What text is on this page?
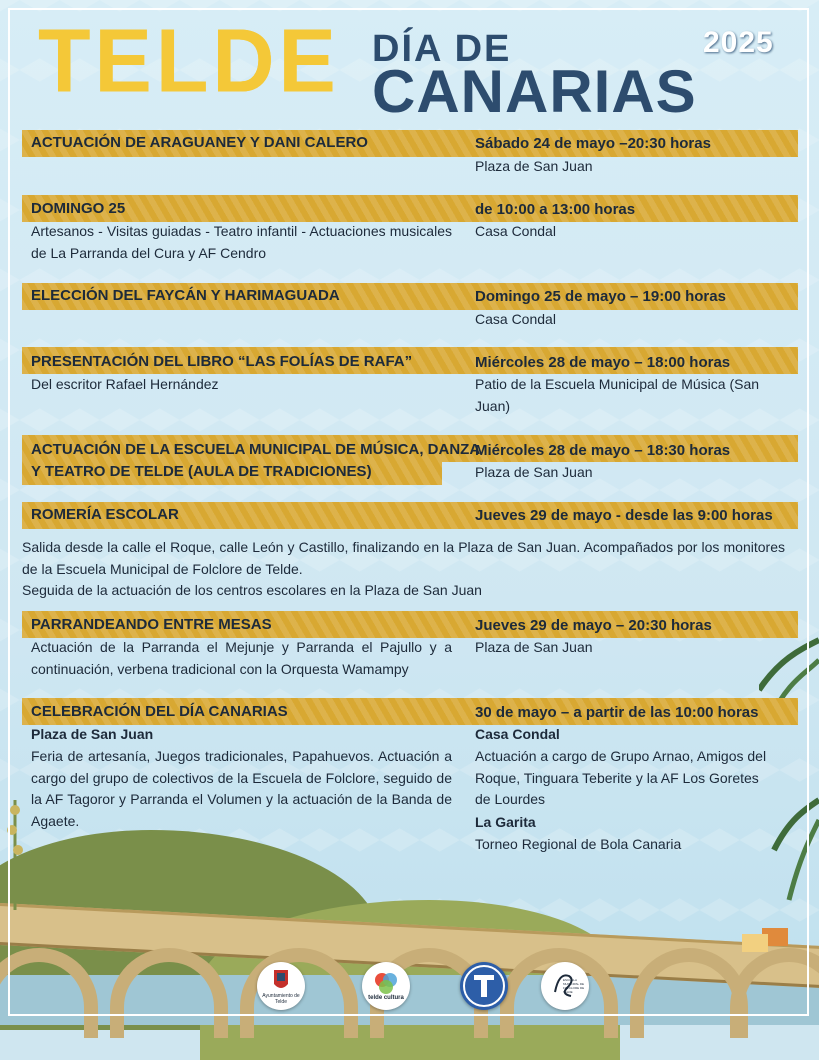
TELDE DÍA DE
CANARIAS
2025
ACTUACIÓN DE ARAGUANEY Y DANI CALERO	Sábado 24 de mayo –20:30 horas
Plaza de San Juan
DOMINGO 25	de 10:00 a 13:00 horas
Artesanos - Visitas guiadas - Teatro infantil - Actuaciones musicales de La Parranda del Cura y AF Cendro
Casa Condal
ELECCIÓN DEL FAYCÁN Y HARIMAGUADA	Domingo 25 de mayo – 19:00 horas
Casa Condal
PRESENTACIÓN DEL LIBRO “LAS FOLÍAS DE RAFA”	Miércoles 28 de mayo – 18:00 horas
Del escritor Rafael Hernández	Patio de la Escuela Municipal de Música (San Juan)
ACTUACIÓN DE LA ESCUELA MUNICIPAL DE MÚSICA, DANZA
Y TEATRO DE TELDE (AULA DE TRADICIONES)
Miércoles 28 de mayo – 18:30 horas
Plaza de San Juan
ROMERÍA ESCOLAR	Jueves 29 de mayo - desde las 9:00 horas
Salida desde la calle el Roque, calle León y Castillo, finalizando en la Plaza de San Juan. Acompañados por los monitores de la Escuela Municipal de Folclore de Telde.
Seguida de la actuación de los centros escolares en la Plaza de San Juan
PARRANDEANDO ENTRE MESAS	Jueves 29 de mayo – 20:30 horas
Actuación de la Parranda el Mejunje y Parranda el Pajullo y a continuación, verbena tradicional con la Orquesta Wamampy
Plaza de San Juan
CELEBRACIÓN DEL DÍA CANARIAS	30 de mayo – a partir de las 10:00 horas
Plaza de San Juan
Feria de artesanía, Juegos tradicionales, Papahuevos. Actuación a cargo del grupo de colectivos de la Escuela de Folclore, seguido de la AF Tagoror y Parranda el Volumen y la actuación de la Banda de Agaete.
Casa Condal
Actuación a cargo de Grupo Arnao, Amigos del Roque, Tinguara Teberite y la AF Los Goretes de Lourdes
La Garita
Torneo Regional de Bola Canaria
Ayuntamiento de Telde
telde cultura
ESCUELA MUNICIPAL DE FOLCLORE DE TELDE
